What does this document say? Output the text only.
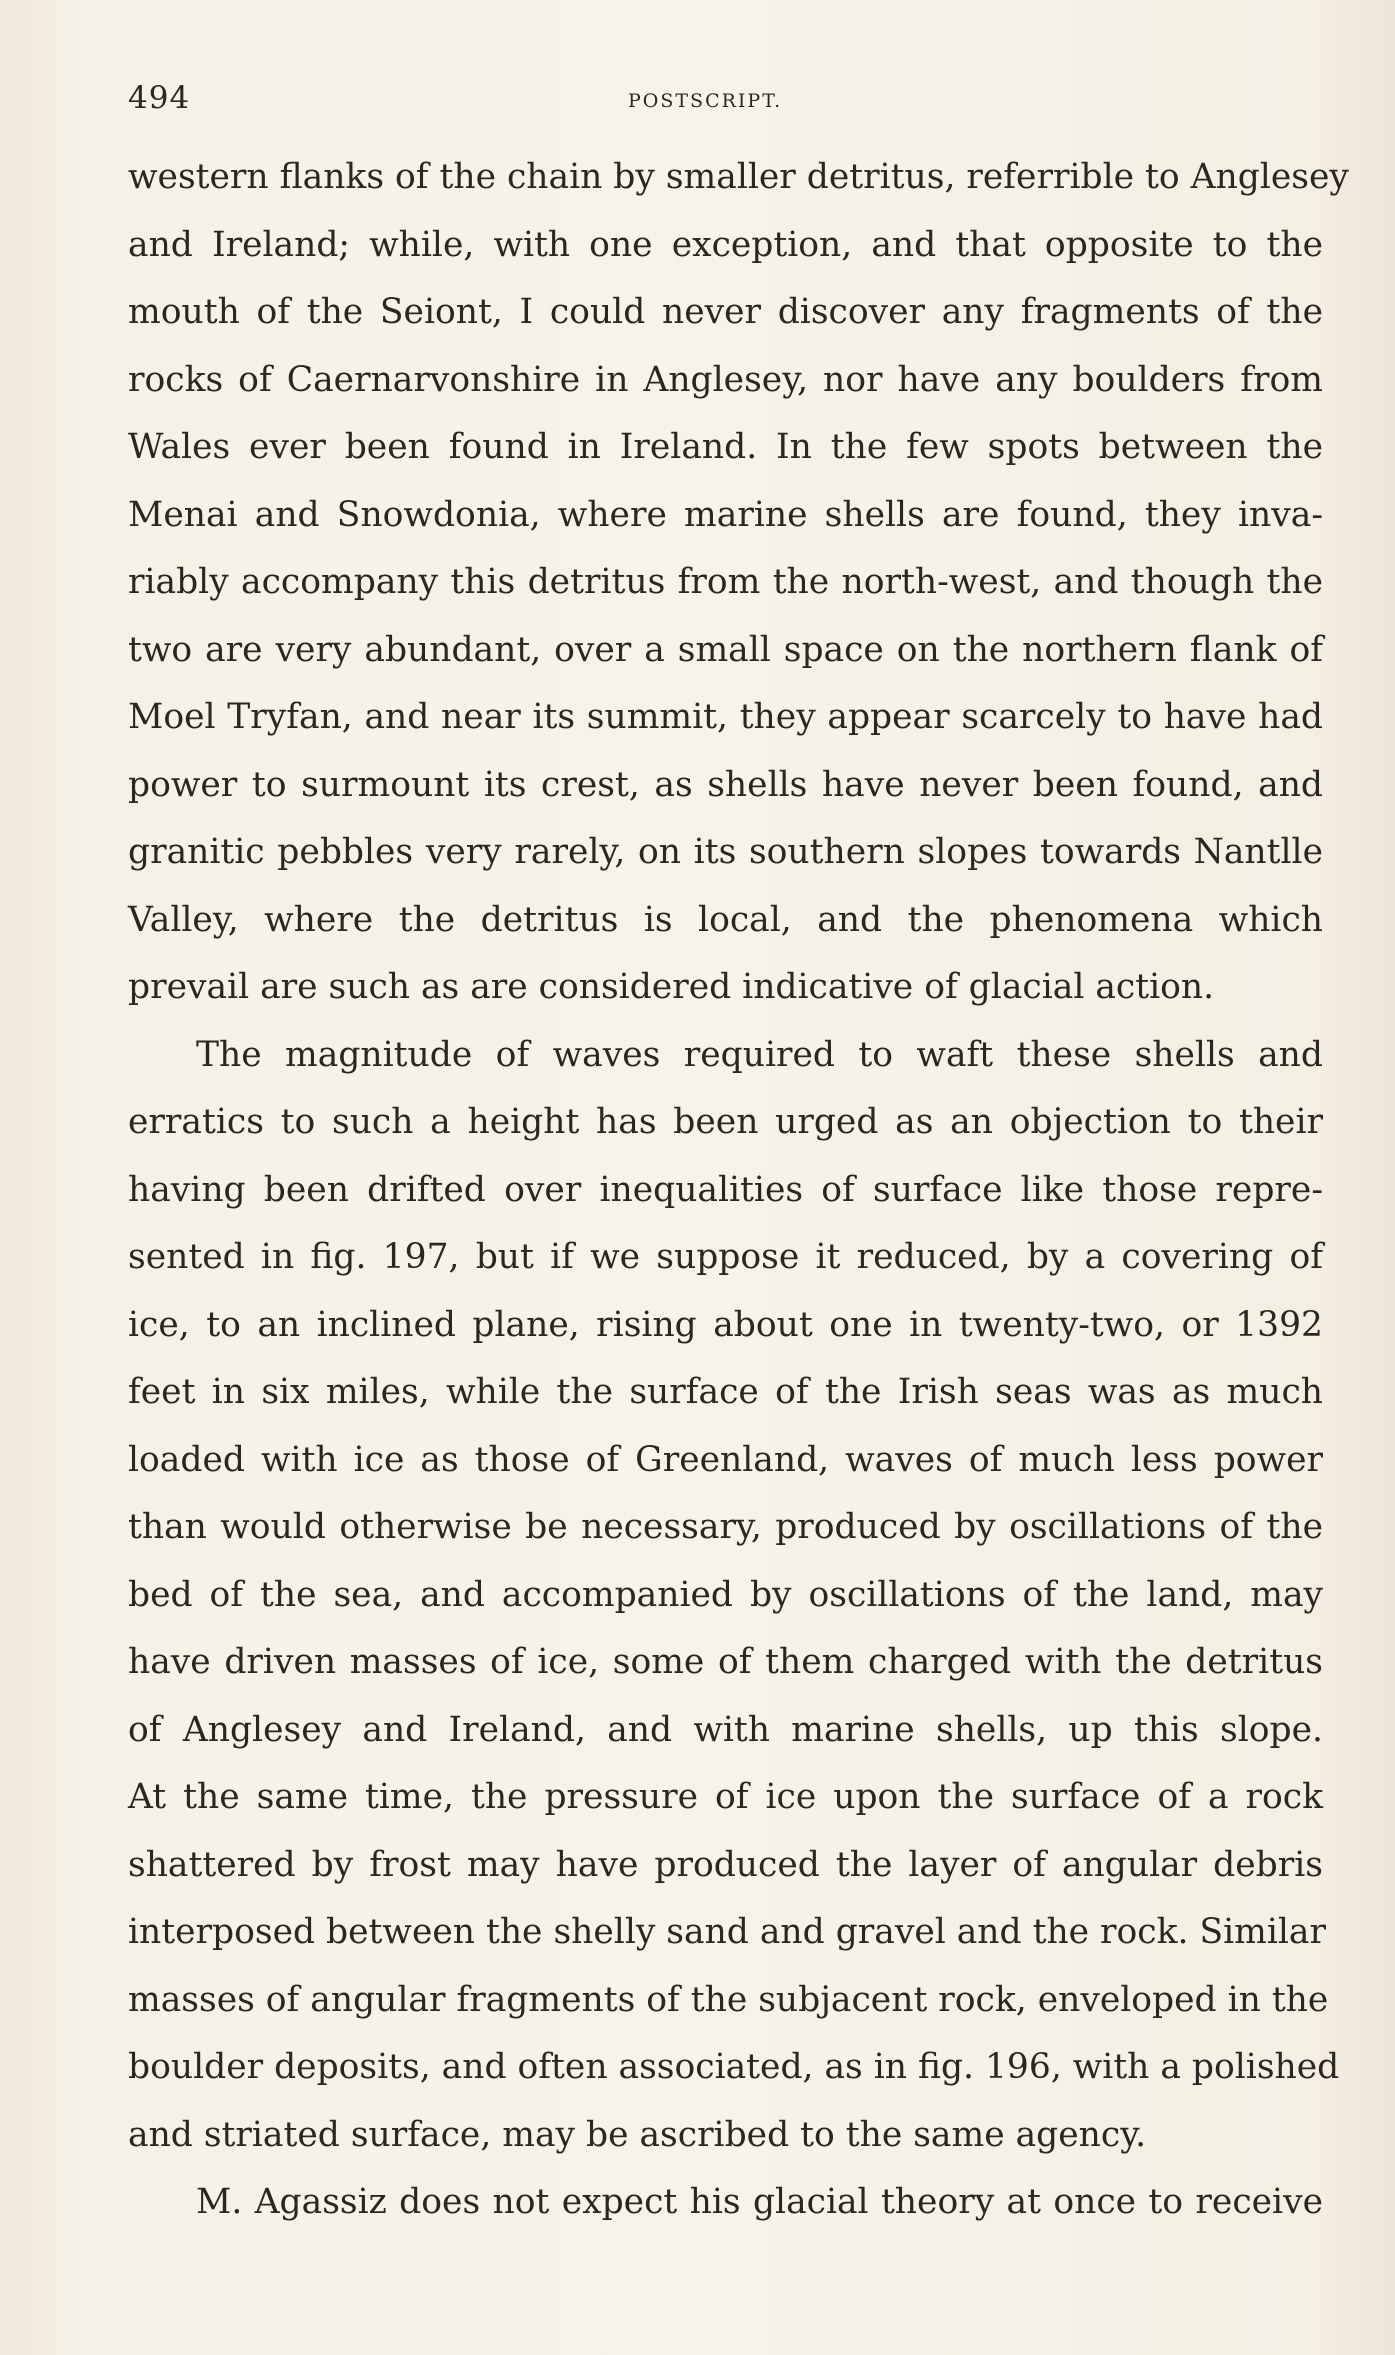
494	POSTSCRIPT.
western flanks of the chain by smaller detritus, referrible to Anglesey
and Ireland; while, with one exception, and that opposite to the
mouth of the Seiont, I could never discover any fragments of the
rocks of Caernarvonshire in Anglesey, nor have any boulders from
Wales ever been found in Ireland. In the few spots between the
Menai and Snowdonia, where marine shells are found, they inva-
riably accompany this detritus from the north-west, and though the
two are very abundant, over a small space on the northern flank of
Moel Tryfan, and near its summit, they appear scarcely to have had
power to surmount its crest, as shells have never been found, and
granitic pebbles very rarely, on its southern slopes towards Nantlle
Valley, where the detritus is local, and the phenomena which
prevail are such as are considered indicative of glacial action.
The magnitude of waves required to waft these shells and
erratics to such a height has been urged as an objection to their
having been drifted over inequalities of surface like those repre-
sented in fig. 197, but if we suppose it reduced, by a covering of
ice, to an inclined plane, rising about one in twenty-two, or 1392
feet in six miles, while the surface of the Irish seas was as much
loaded with ice as those of Greenland, waves of much less power
than would otherwise be necessary, produced by oscillations of the
bed of the sea, and accompanied by oscillations of the land, may
have driven masses of ice, some of them charged with the detritus
of Anglesey and Ireland, and with marine shells, up this slope.
At the same time, the pressure of ice upon the surface of a rock
shattered by frost may have produced the layer of angular debris
interposed between the shelly sand and gravel and the rock. Similar
masses of angular fragments of the subjacent rock, enveloped in the
boulder deposits, and often associated, as in fig. 196, with a polished
and striated surface, may be ascribed to the same agency.
M. Agassiz does not expect his glacial theory at once to receive
